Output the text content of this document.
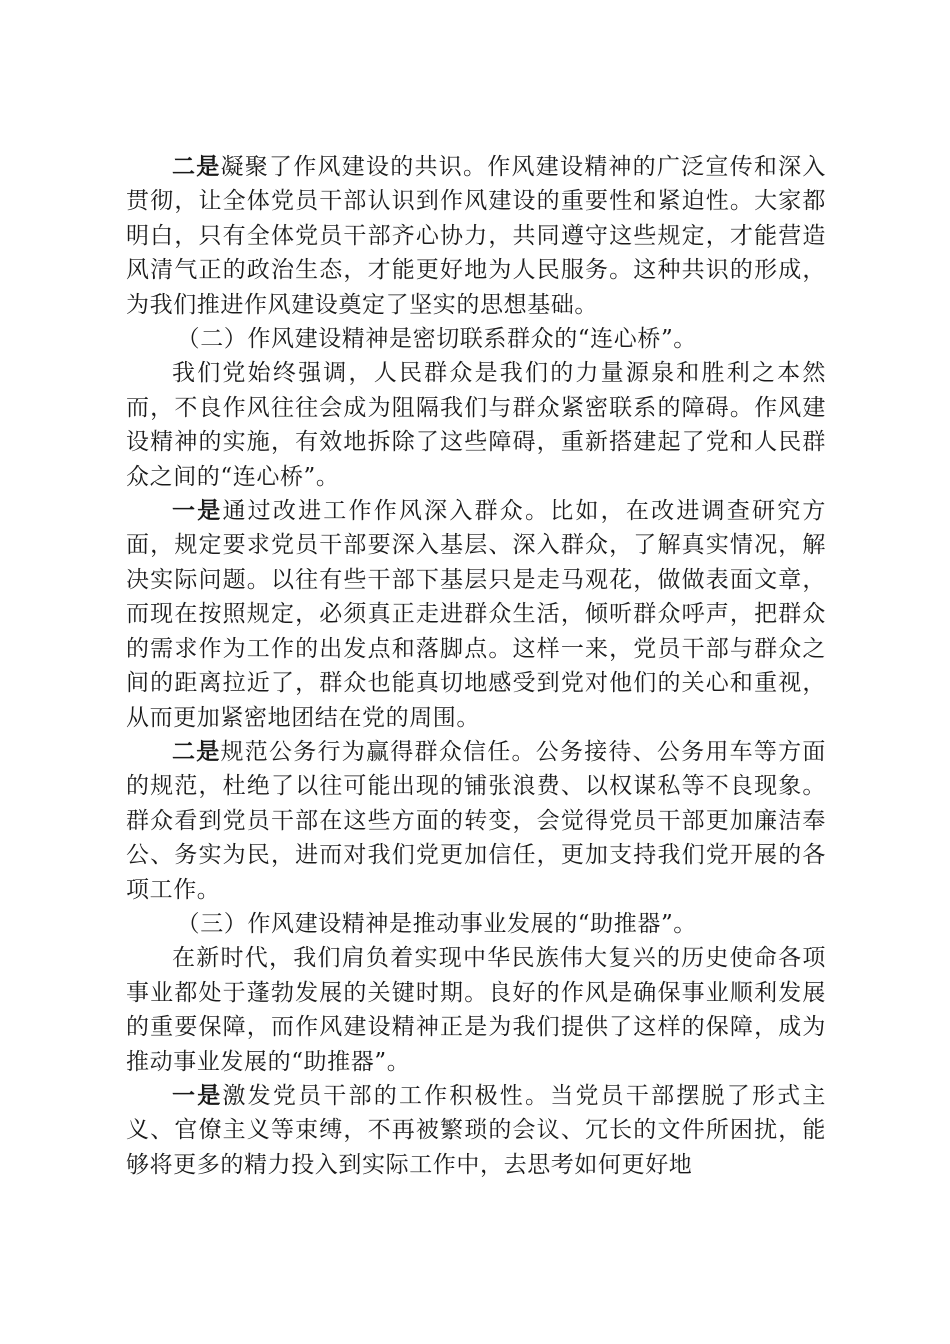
二是凝聚了作风建设的共识。作风建设精神的广泛宣传和深入贯彻，让全体党员干部认识到作风建设的重要性和紧迫性。大家都明白，只有全体党员干部齐心协力，共同遵守这些规定，才能营造风清气正的政治生态，才能更好地为人民服务。这种共识的形成，为我们推进作风建设奠定了坚实的思想基础。

（二）作风建设精神是密切联系群众的“连心桥”。

我们党始终强调，人民群众是我们的力量源泉和胜利之本然而，不良作风往往会成为阻隔我们与群众紧密联系的障碍。作风建设精神的实施，有效地拆除了这些障碍，重新搭建起了党和人民群众之间的“连心桥”。

一是通过改进工作作风深入群众。比如，在改进调查研究方面，规定要求党员干部要深入基层、深入群众，了解真实情况，解决实际问题。以往有些干部下基层只是走马观花，做做表面文章，而现在按照规定，必须真正走进群众生活，倾听群众呼声，把群众的需求作为工作的出发点和落脚点。这样一来，党员干部与群众之间的距离拉近了，群众也能真切地感受到党对他们的关心和重视，从而更加紧密地团结在党的周围。

二是规范公务行为赢得群众信任。公务接待、公务用车等方面的规范，杜绝了以往可能出现的铺张浪费、以权谋私等不良现象。群众看到党员干部在这些方面的转变，会觉得党员干部更加廉洁奉公、务实为民，进而对我们党更加信任，更加支持我们党开展的各项工作。

（三）作风建设精神是推动事业发展的“助推器”。

在新时代，我们肩负着实现中华民族伟大复兴的历史使命各项事业都处于蓬勃发展的关键时期。良好的作风是确保事业顺利发展的重要保障，而作风建设精神正是为我们提供了这样的保障，成为推动事业发展的“助推器”。

一是激发党员干部的工作积极性。当党员干部摆脱了形式主义、官僚主义等束缚，不再被繁琐的会议、冗长的文件所困扰，能够将更多的精力投入到实际工作中，去思考如何更好地
